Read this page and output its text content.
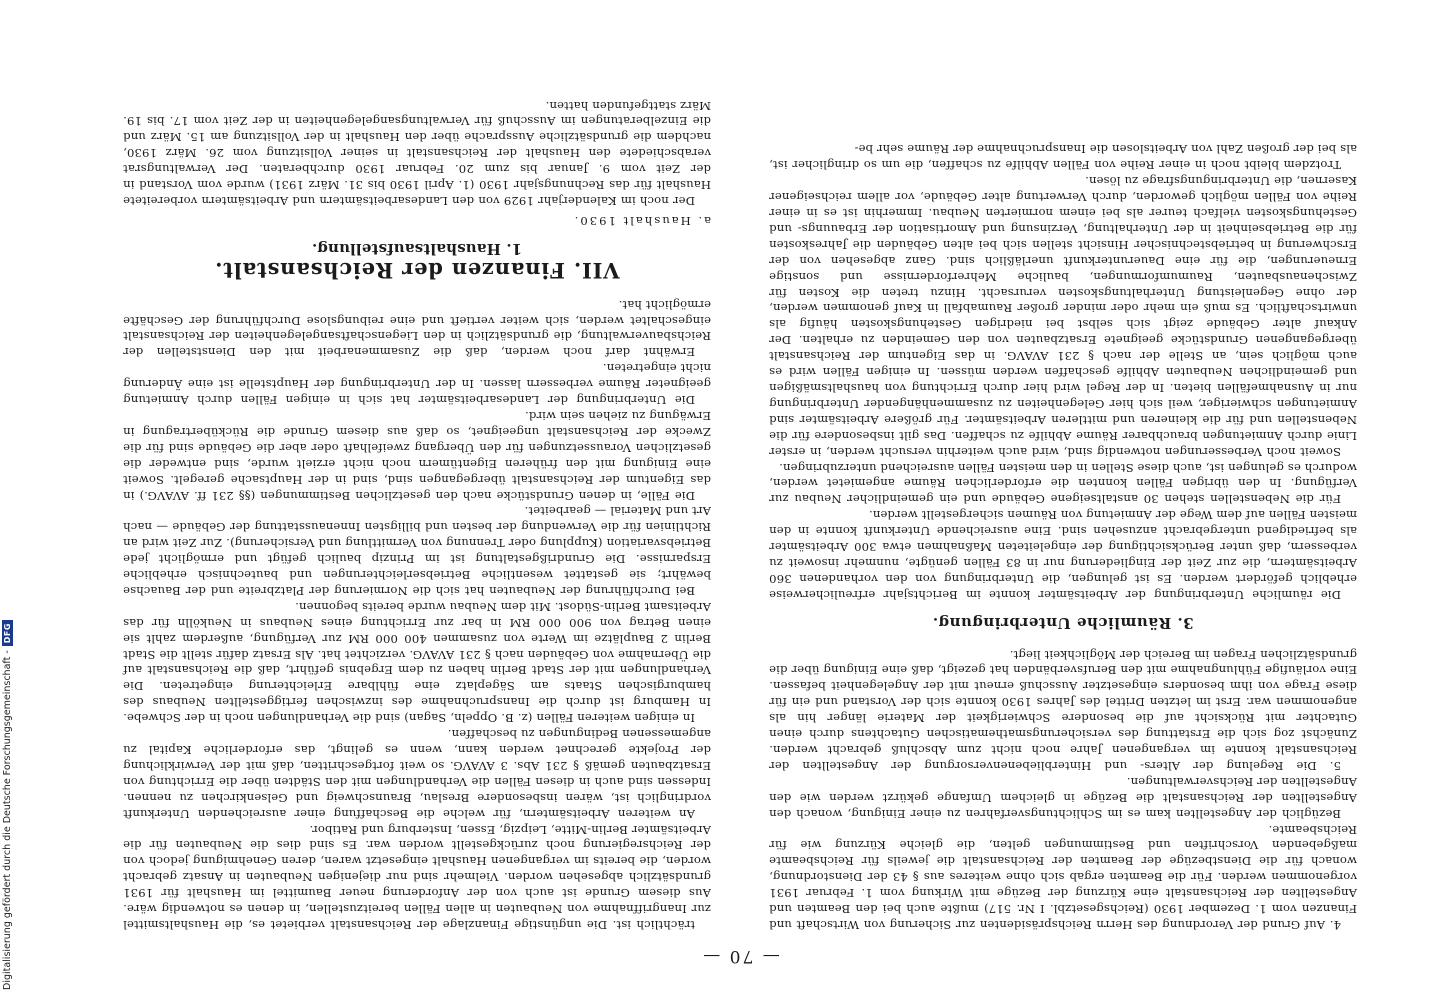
— 70 —

4. Auf Grund der Verordnung des Herrn Reichspräsidenten zur Sicherung von Wirtschaft und Finanzen vom 1. Dezember 1930 (Reichsgesetzbl. I Nr. 517) mußte auch bei den Beamten und Angestellten der Reichsanstalt eine Kürzung der Bezüge mit Wirkung vom 1. Februar 1931 vorgenommen werden. Für die Beamten ergab sich ohne weiteres aus § 43 der Dienstordnung, wonach für die Dienstbezüge der Beamten der Reichsanstalt die jeweils für Reichsbeamte maßgebenden Vorschriften und Bestimmungen gelten, die gleiche Kürzung wie für Reichsbeamte.

Bezüglich der Angestellten kam es im Schlichtungsverfahren zu einer Einigung, wonach den Angestellten der Reichsanstalt die Bezüge in gleichem Umfange gekürzt werden wie den Angestellten der Reichsverwaltungen.

5. Die Regelung der Alters- und Hinterbliebenenversorgung der Angestellten der Reichsanstalt konnte im vergangenen Jahre noch nicht zum Abschluß gebracht werden. Zunächst zog sich die Erstattung des versicherungsmathematischen Gutachtens durch einen Gutachter mit Rücksicht auf die besondere Schwierigkeit der Materie länger hin als angenommen war. Erst im letzten Drittel des Jahres 1930 konnte sich der Vorstand und ein für diese Frage von ihm besonders eingesetzter Ausschuß erneut mit der Angelegenheit befassen. Eine vorläufige Fühlungnahme mit den Berufsverbänden hat gezeigt, daß eine Einigung über die grundsätzlichen Fragen im Bereich der Möglichkeit liegt.

3. Räumliche Unterbringung.

Die räumliche Unterbringung der Arbeitsämter konnte im Berichtsjahr erfreulicherweise erheblich gefördert werden. Es ist gelungen, die Unterbringung von den vorhandenen 360 Arbeitsämtern, die zur Zeit der Eingliederung nur in 83 Fällen genügte, nunmehr insoweit zu verbessern, daß unter Berücksichtigung der eingeleiteten Maßnahmen etwa 300 Arbeitsämter als befriedigend untergebracht anzusehen sind. Eine ausreichende Unterkunft konnte in den meisten Fällen auf dem Wege der Anmietung von Räumen sichergestellt werden.

Für die Nebenstellen stehen 30 anstaltseigene Gebäude und ein gemeindlicher Neubau zur Verfügung. In den übrigen Fällen konnten die erforderlichen Räume angemietet werden, wodurch es gelungen ist, auch diese Stellen in den meisten Fällen ausreichend unterzubringen.

Soweit noch Verbesserungen notwendig sind, wird auch weiterhin versucht werden, in erster Linie durch Anmietungen brauchbarer Räume Abhilfe zu schaffen. Das gilt insbesondere für die Nebenstellen und für die kleineren und mittleren Arbeitsämter. Für größere Arbeitsämter sind Anmietungen schwieriger, weil sich hier Gelegenheiten zu zusammenhängender Unterbringung nur in Ausnahmefällen bieten. In der Regel wird hier durch Errichtung von haushaltsmäßigen und gemeindlichen Neubauten Abhilfe geschaffen werden müssen. In einigen Fällen wird es auch möglich sein, an Stelle der nach § 231 AVAVG. in das Eigentum der Reichsanstalt übergegangenen Grundstücke geeignete Ersatzbauten von den Gemeinden zu erhalten. Der Ankauf alter Gebäude zeigt sich selbst bei niedrigen Gestehungskosten häufig als unwirtschaftlich. Es muß ein mehr oder minder großer Raumabfall in Kauf genommen werden, der ohne Gegenleistung Unterhaltungskosten verursacht. Hinzu treten die Kosten für Zwischenausbauten, Raumumformungen, bauliche Mehrerfordernisse und sonstige Erneuerungen, die für eine Dauerunterkunft unerläßlich sind. Ganz abgesehen von der Erschwerung in betriebstechnischer Hinsicht stellen sich bei alten Gebäuden die Jahreskosten für die Betriebseinheit in der Unterhaltung, Verzinsung und Amortisation der Erbauungs- und Gestehungskosten vielfach teurer als bei einem normierten Neubau. Immerhin ist es in einer Reihe von Fällen möglich geworden, durch Verwertung alter Gebäude, vor allem reichseigener Kasernen, die Unterbringungsfrage zu lösen.

Trotzdem bleibt noch in einer Reihe von Fällen Abhilfe zu schaffen, die um so dringlicher ist, als bei der großen Zahl von Arbeitslosen die Inanspruchnahme der Räume sehr be-

trächtlich ist. Die ungünstige Finanzlage der Reichsanstalt verbietet es, die Haushaltsmittel zur Inangriffnahme von Neubauten in allen Fällen bereitzustellen, in denen es notwendig wäre. Aus diesem Grunde ist auch von der Anforderung neuer Baumittel im Haushalt für 1931 grundsätzlich abgesehen worden. Vielmehr sind nur diejenigen Neubauten in Ansatz gebracht worden, die bereits im vergangenen Haushalt eingesetzt waren, deren Genehmigung jedoch von der Reichsregierung noch zurückgestellt worden war. Es sind dies die Neubauten für die Arbeitsämter Berlin-Mitte, Leipzig, Essen, Insterburg und Ratibor.

An weiteren Arbeitsämtern, für welche die Beschaffung einer ausreichenden Unterkunft vordringlich ist, wären insbesondere Breslau, Braunschweig und Gelsenkirchen zu nennen. Indessen sind auch in diesen Fällen die Verhandlungen mit den Städten über die Errichtung von Ersatzbauten gemäß § 231 Abs. 3 AVAVG. so weit fortgeschritten, daß mit der Verwirklichung der Projekte gerechnet werden kann, wenn es gelingt, das erforderliche Kapital zu angemessenen Bedingungen zu beschaffen.

In einigen weiteren Fällen (z. B. Oppeln, Sagan) sind die Verhandlungen noch in der Schwebe. In Hamburg ist durch die Inanspruchnahme des inzwischen fertiggestellten Neubaus des hamburgischen Staats am Sägeplatz eine fühlbare Erleichterung eingetreten. Die Verhandlungen mit der Stadt Berlin haben zu dem Ergebnis geführt, daß die Reichsanstalt auf die Übernahme von Gebäuden nach § 231 AVAVG. verzichtet hat. Als Ersatz dafür stellt die Stadt Berlin 2 Bauplätze im Werte von zusammen 400 000 RM zur Verfügung, außerdem zahlt sie einen Betrag von 900 000 RM in bar zur Errichtung eines Neubaus in Neukölln für das Arbeitsamt Berlin-Südost. Mit dem Neubau wurde bereits begonnen.

Bei Durchführung der Neubauten hat sich die Normierung der Platzbreite und der Bauachse bewährt; sie gestattet wesentliche Betriebserleichterungen und bautechnisch erhebliche Ersparnisse. Die Grundrißgestaltung ist im Prinzip baulich gefügt und ermöglicht jede Betriebsvariation (Kupplung oder Trennung von Vermittlung und Versicherung). Zur Zeit wird an Richtlinien für die Verwendung der besten und billigsten Innenausstattung der Gebäude — nach Art und Material — gearbeitet.

Die Fälle, in denen Grundstücke nach den gesetzlichen Bestimmungen (§§ 231 ff. AVAVG.) in das Eigentum der Reichsanstalt übergegangen sind, sind in der Hauptsache geregelt. Soweit eine Einigung mit den früheren Eigentümern noch nicht erzielt wurde, sind entweder die gesetzlichen Voraussetzungen für den Übergang zweifelhaft oder aber die Gebäude sind für die Zwecke der Reichsanstalt ungeeignet, so daß aus diesem Grunde die Rückübertragung in Erwägung zu ziehen sein wird.

Die Unterbringung der Landesarbeitsämter hat sich in einigen Fällen durch Anmietung geeigneter Räume verbessern lassen. In der Unterbringung der Hauptstelle ist eine Änderung nicht eingetreten.

Erwähnt darf noch werden, daß die Zusammenarbeit mit den Dienststellen der Reichsbauverwaltung, die grundsätzlich in den Liegenschaftsangelegenheiten der Reichsanstalt eingeschaltet werden, sich weiter vertieft und eine reibungslose Durchführung der Geschäfte ermöglicht hat.

VII. Finanzen der Reichsanstalt.
1. Haushaltsaufstellung.
a. Haushalt 1930.

Der noch im Kalenderjahr 1929 von den Landesarbeitsämtern und Arbeitsämtern vorbereitete Haushalt für das Rechnungsjahr 1930 (1. April 1930 bis 31. März 1931) wurde vom Vorstand in der Zeit vom 9. Januar bis zum 20. Februar 1930 durchberaten. Der Verwaltungsrat verabschiedete den Haushalt der Reichsanstalt in seiner Vollsitzung vom 26. März 1930, nachdem die grundsätzliche Aussprache über den Haushalt in der Vollsitzung am 15. März und die Einzelberatungen im Ausschuß für Verwaltungsangelegenheiten in der Zeit vom 17. bis 19. März stattgefunden hatten.

Digitalisierung gefördert durch die Deutsche Forschungsgemeinschaft -
DFG
